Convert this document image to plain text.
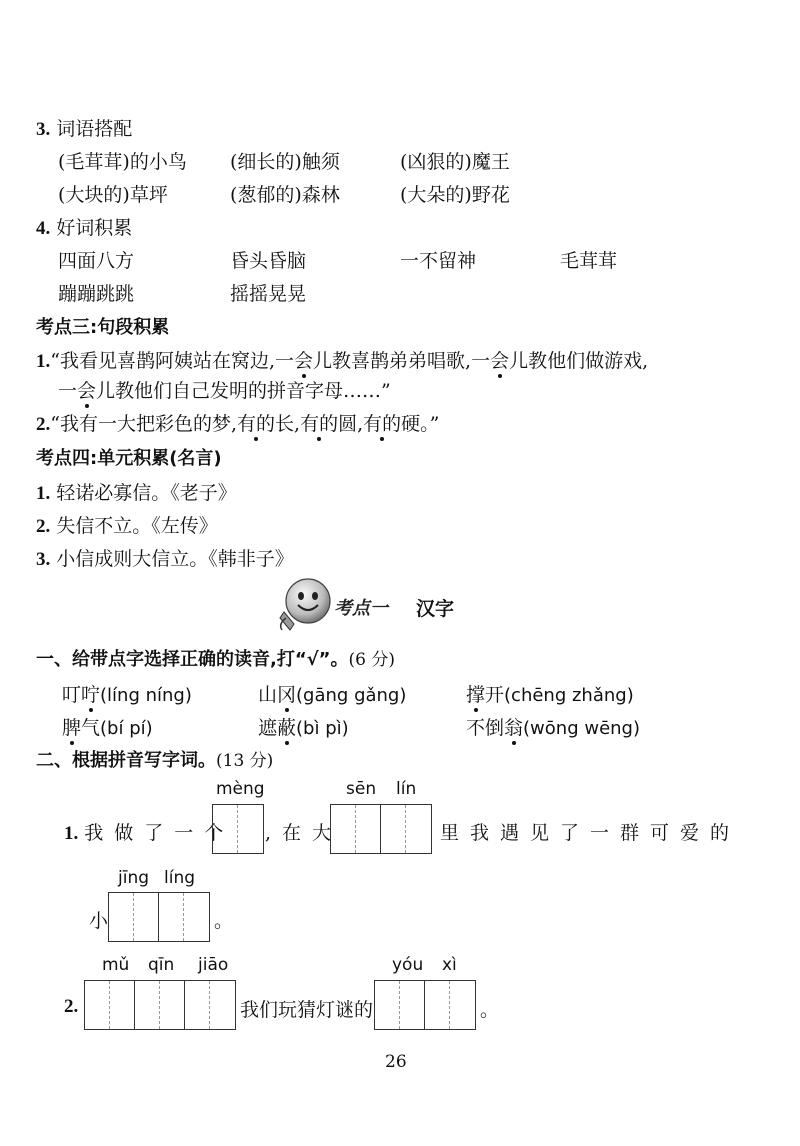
3. 词语搭配
(毛茸茸)的小鸟 (细长的)触须	(凶狠的)魔王
(大块的)草坪	(葱郁的)森林	(大朵的)野花
4. 好词积累
四面八方	昏头昏脑	一不留神	毛茸茸
蹦蹦跳跳	摇摇晃晃
考点三:句段积累
1.“我看见喜鹊阿姨站在窝边,一会儿教喜鹊弟弟唱歌,一会儿教他们做游戏,
一会儿教他们自己发明的拼音字母……”
2.“我有一大把彩色的梦,有的长,有的圆,有的硬。”
考点四:单元积累(名言)
1. 轻诺必寡信。《老子》
2. 失信不立。《左传》
3. 小信成则大信立。《韩非子》
考点一 汉字
一、给带点字选择正确的读音,打“√”。(6 分)
叮咛(líng níng)	山冈(gāng gǎng)	撑开(chēng zhǎng)
脾气(bí pí)	遮蔽(bì pì)	不倒翁(wōng wēng)
二、根据拼音写字词。(13 分)
mèng	sēn lín
1. 我做了一个 ,在大	里我遇见了一群可爱的
jīng líng
小	。
mǔ qīn jiāo	yóu xì
2.	我们玩猜灯谜的	。
26
